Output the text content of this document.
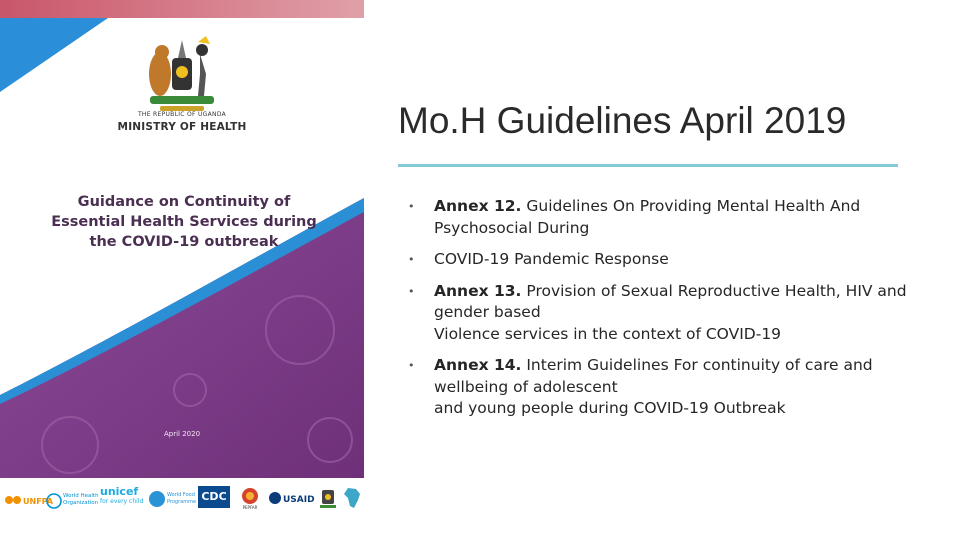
THE REPUBLIC OF UGANDA
MINISTRY OF HEALTH
Guidance on Continuity of
Essential Health Services during
the COVID-19 outbreak
April 2020
UNFPA
World Health Organization
unicef
for every child
World Food Programme CDC
PEPFAR
USAID
Mo.H Guidelines April 2019
• Annex 12. Guidelines On Providing Mental Health And Psychosocial During
• COVID-19 Pandemic Response
• Annex 13. Provision of Sexual Reproductive Health, HIV and gender based
Violence services in the context of COVID-19
• Annex 14. Interim Guidelines For continuity of care and wellbeing of adolescent
and young people during COVID-19 Outbreak
